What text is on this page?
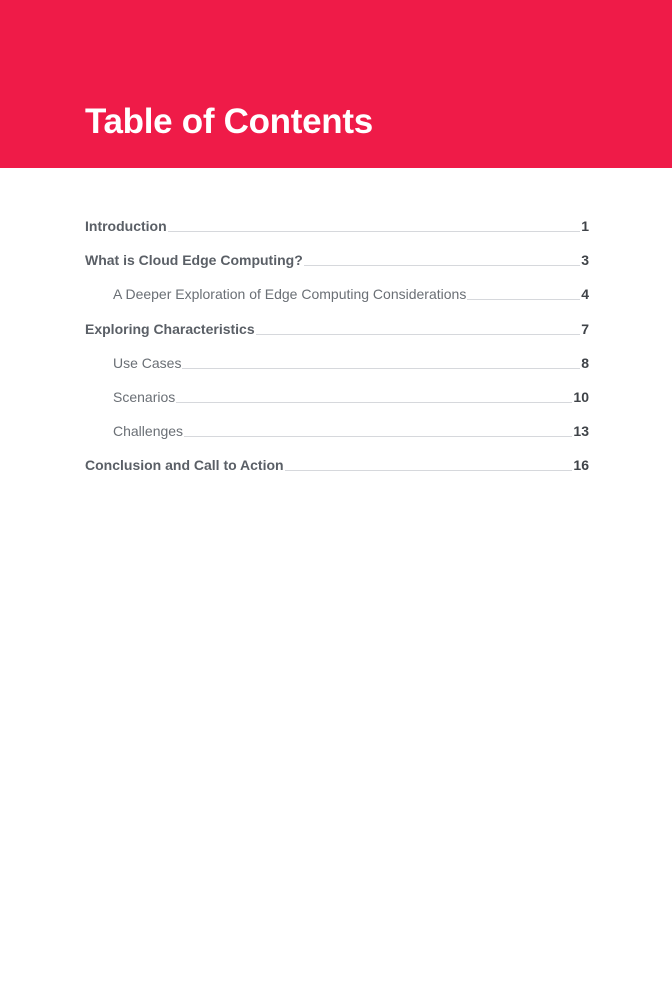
Table of Contents
Introduction	1
What is Cloud Edge Computing?	3
A Deeper Exploration of Edge Computing Considerations	4
Exploring Characteristics	7
Use Cases	8
Scenarios	10
Challenges	13
Conclusion and Call to Action	16
